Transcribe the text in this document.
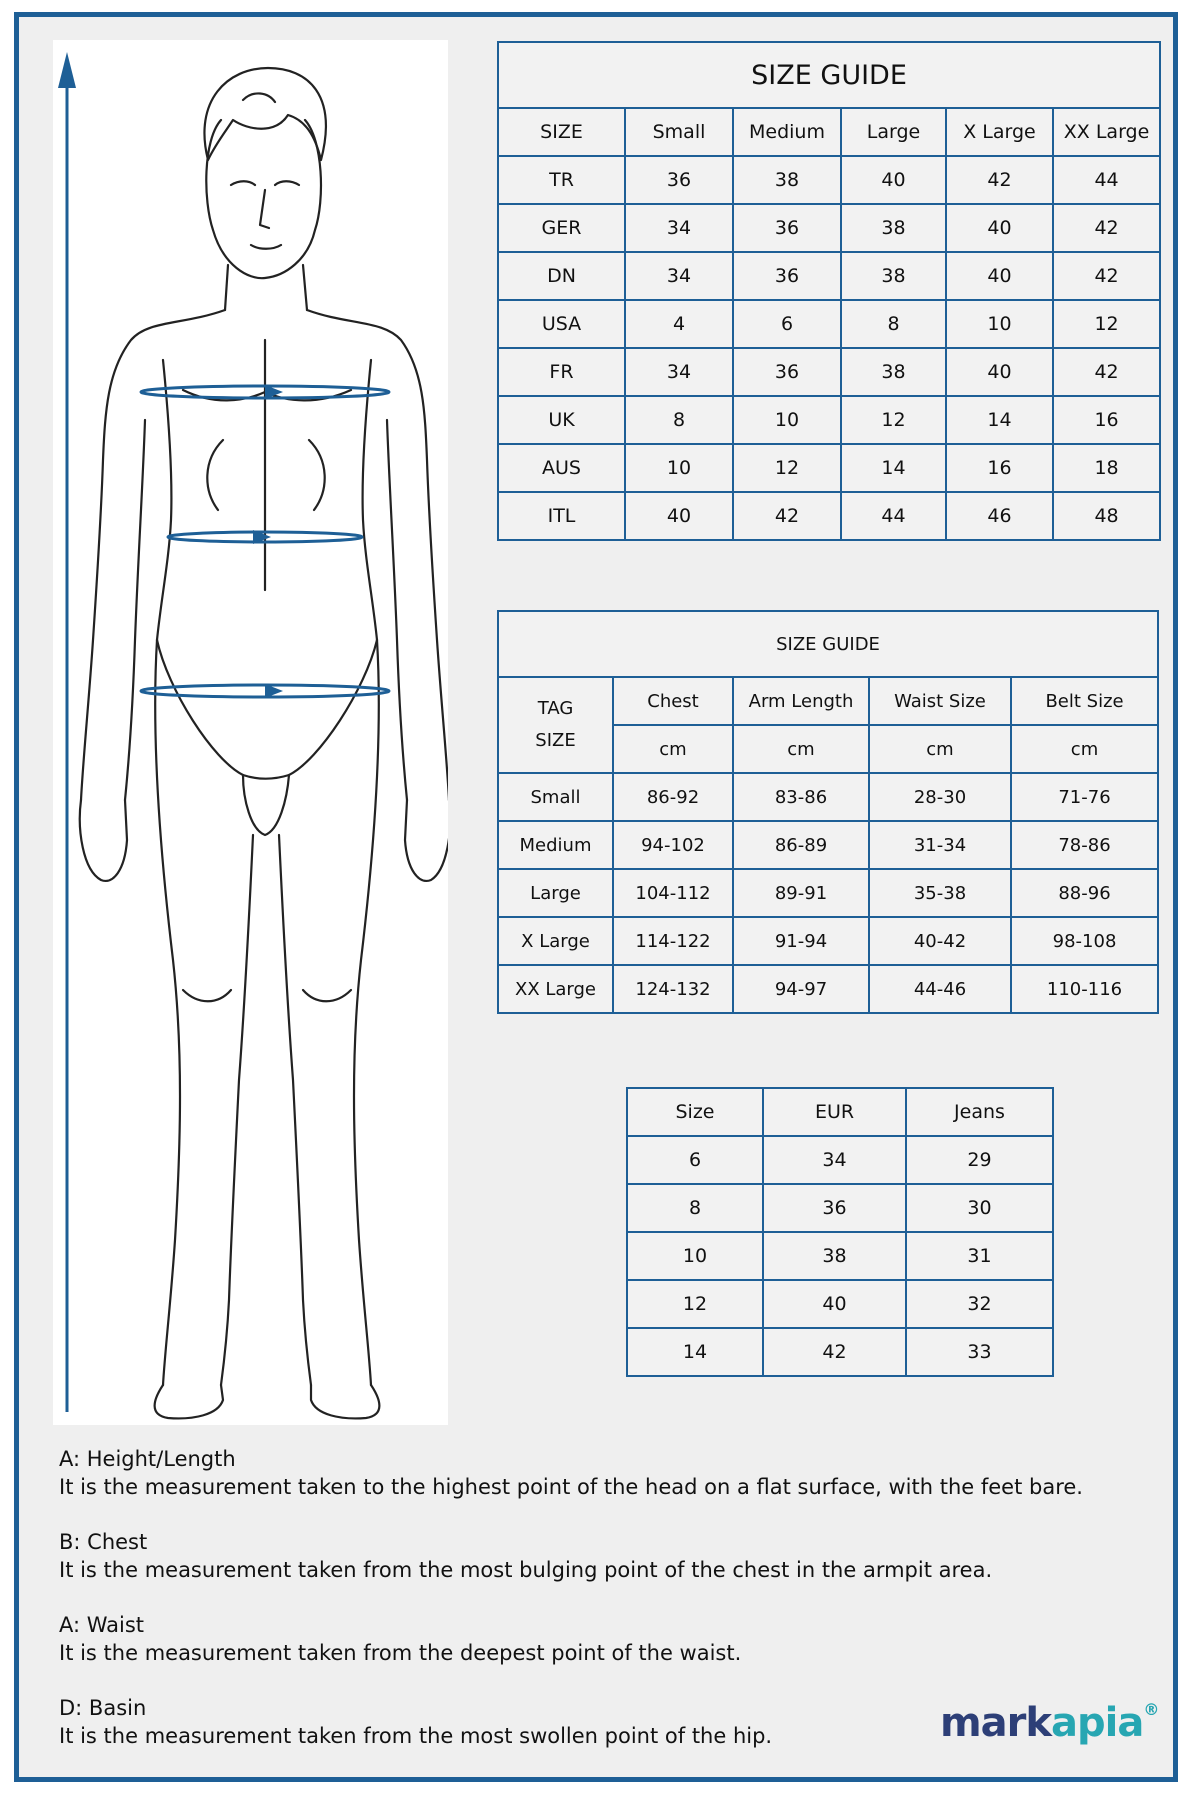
SIZE GUIDE					
SIZE	Small	Medium	Large	X Large	XX Large
TR	36	38	40	42	44
GER	34	36	38	40	42
DN	34	36	38	40	42
USA	4	6	8	10	12
FR	34	36	38	40	42
UK	8	10	12	14	16
AUS	10	12	14	16	18
ITL	40	42	44	46	48
SIZE GUIDE				
TAG
SIZE	Chest	Arm Length	Waist Size	Belt Size
	cm	cm	cm	cm
Small	86-92	83-86	28-30	71-76
Medium	94-102	86-89	31-34	78-86
Large	104-112	89-91	35-38	88-96
X Large	114-122	91-94	40-42	98-108
XX Large	124-132	94-97	44-46	110-116
Size	EUR	Jeans
6	34	29
8	36	30
10	38	31
12	40	32
14	42	33

A: Height/Length

It is the measurement taken to the highest point of the head on a flat surface, with the feet bare.

B: Chest

It is the measurement taken from the most bulging point of the chest in the armpit area.

A: Waist

It is the measurement taken from the deepest point of the waist.

D: Basin

It is the measurement taken from the most swollen point of the hip.	markapia®
